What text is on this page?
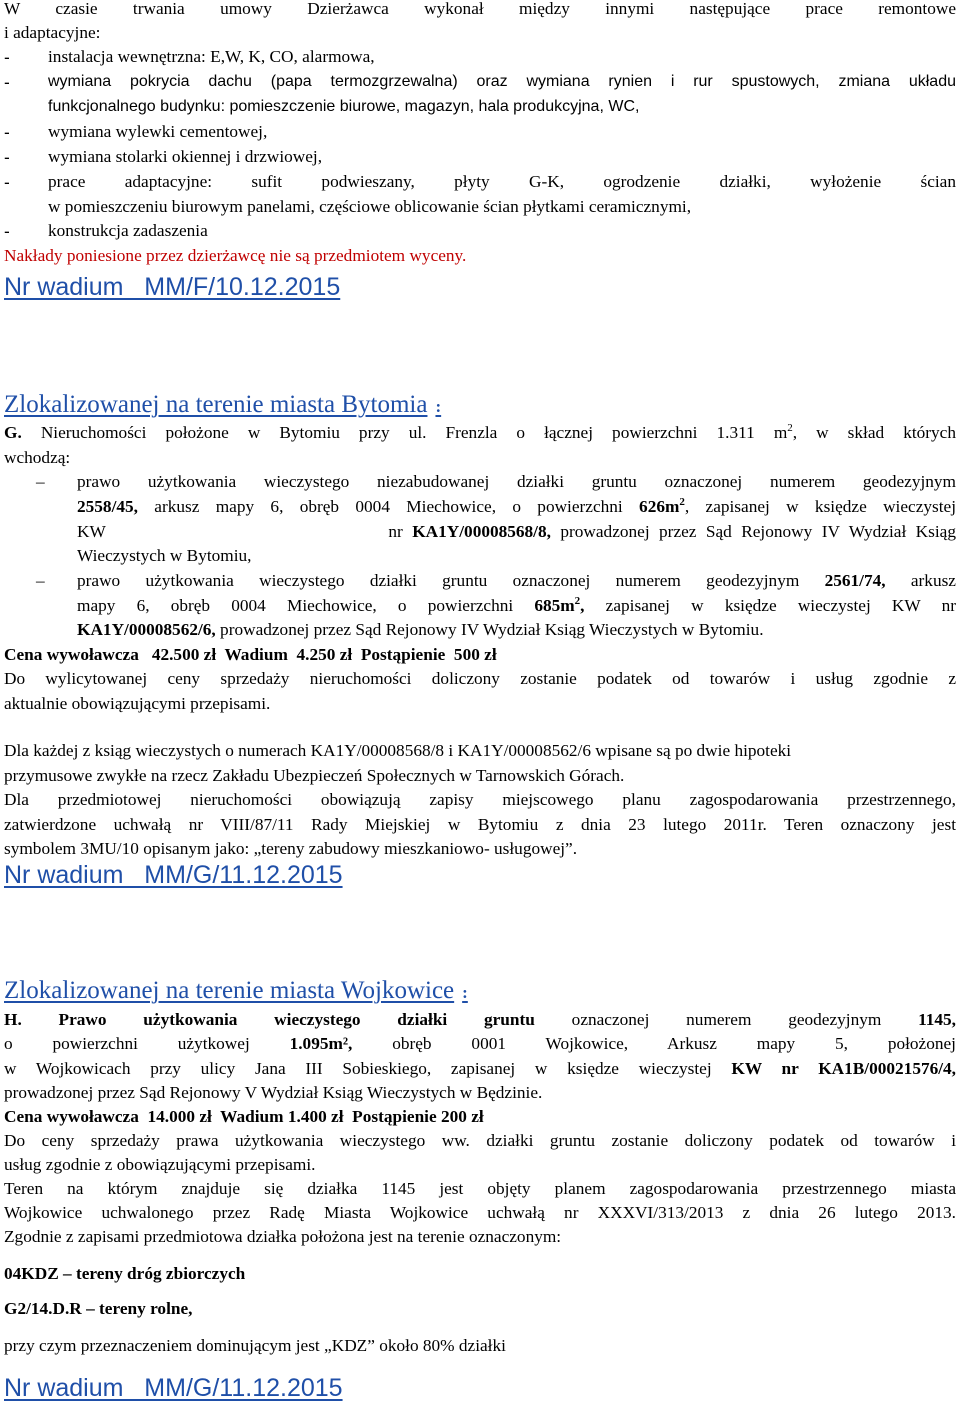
W czasie trwania umowy Dzierżawca wykonał między innymi następujące prace remontowe
i adaptacyjne:
-	instalacja wewnętrzna: E,W, K, CO, alarmowa,
-	wymiana pokrycia dachu (papa termozgrzewalna) oraz wymiana rynien i rur spustowych, zmiana układu
funkcjonalnego budynku: pomieszczenie biurowe, magazyn, hala produkcyjna, WC,
-	wymiana wylewki cementowej,
-	wymiana stolarki okiennej i drzwiowej,
-	prace adaptacyjne: sufit podwieszany, płyty G-K, ogrodzenie działki, wyłożenie ścian
w pomieszczeniu biurowym panelami, częściowe oblicowanie ścian płytkami ceramicznymi,
-	konstrukcja zadaszenia
Nakłady poniesione przez dzierżawcę nie są przedmiotem wyceny.
Nr wadium   MM/F/10.12.2015
Zlokalizowanej na terenie miasta Bytomia :
G. Nieruchomości położone w Bytomiu przy ul. Frenzla o łącznej powierzchni 1.311 $m^2$, w skład których
wchodzą:
–	prawo użytkowania wieczystego niezabudowanej działki gruntu oznaczonej numerem geodezyjnym
2558/45, arkusz mapy 6, obręb 0004 Miechowice, o powierzchni $626m^2$, zapisanej w księdze wieczystej
KW                              nr KA1Y/00008568/8, prowadzonej przez Sąd Rejonowy IV Wydział Ksiąg
Wieczystych w Bytomiu,
–	prawo użytkowania wieczystego działki gruntu oznaczonej numerem geodezyjnym 2561/74, arkusz
mapy 6, obręb 0004 Miechowice, o powierzchni $685m^2$, zapisanej w księdze wieczystej KW nr
KA1Y/00008562/6, prowadzonej przez Sąd Rejonowy IV Wydział Ksiąg Wieczystych w Bytomiu.
Cena wywoławcza   42.500 zł  Wadium  4.250 zł  Postąpienie  500 zł
Do wylicytowanej ceny sprzedaży nieruchomości doliczony zostanie podatek od towarów i usług zgodnie z
aktualnie obowiązującymi przepisami.
Dla każdej z ksiąg wieczystych o numerach KA1Y/00008568/8 i KA1Y/00008562/6 wpisane są po dwie hipoteki
przymusowe zwykłe na rzecz Zakładu Ubezpieczeń Społecznych w Tarnowskich Górach.
Dla przedmiotowej nieruchomości obowiązują zapisy miejscowego planu zagospodarowania przestrzennego,
zatwierdzone uchwałą nr VIII/87/11 Rady Miejskiej w Bytomiu z dnia 23 lutego 2011r. Teren oznaczony jest
symbolem 3MU/10 opisanym jako: „tereny zabudowy mieszkaniowo- usługowej”.
Nr wadium   MM/G/11.12.2015
Zlokalizowanej na terenie miasta Wojkowice :
H.  Prawo  użytkowania  wieczystego  działki  gruntu  oznaczonej  numerem  geodezyjnym  1145,
o  powierzchni  użytkowej  1.095m²,  obręb  0001  Wojkowice,  Arkusz  mapy  5,  położonej
w Wojkowicach przy ulicy Jana III Sobieskiego, zapisanej w księdze wieczystej KW nr KA1B/00021576/4,
prowadzonej przez Sąd Rejonowy V Wydział Ksiąg Wieczystych w Będzinie.
Cena wywoławcza  14.000 zł  Wadium 1.400 zł  Postąpienie 200 zł
Do ceny sprzedaży prawa użytkowania wieczystego ww. działki gruntu zostanie doliczony podatek od towarów i
usług zgodnie z obowiązującymi przepisami.
Teren na którym znajduje się działka 1145 jest objęty planem zagospodarowania przestrzennego miasta
Wojkowice uchwalonego przez Radę Miasta Wojkowice uchwałą nr XXXVI/313/2013 z dnia 26 lutego 2013.
Zgodnie z zapisami przedmiotowa działka położona jest na terenie oznaczonym:
04KDZ – tereny dróg zbiorczych
G2/14.D.R – tereny rolne,
przy czym przeznaczeniem dominującym jest „KDZ” około 80% działki
Nr wadium   MM/G/11.12.2015
